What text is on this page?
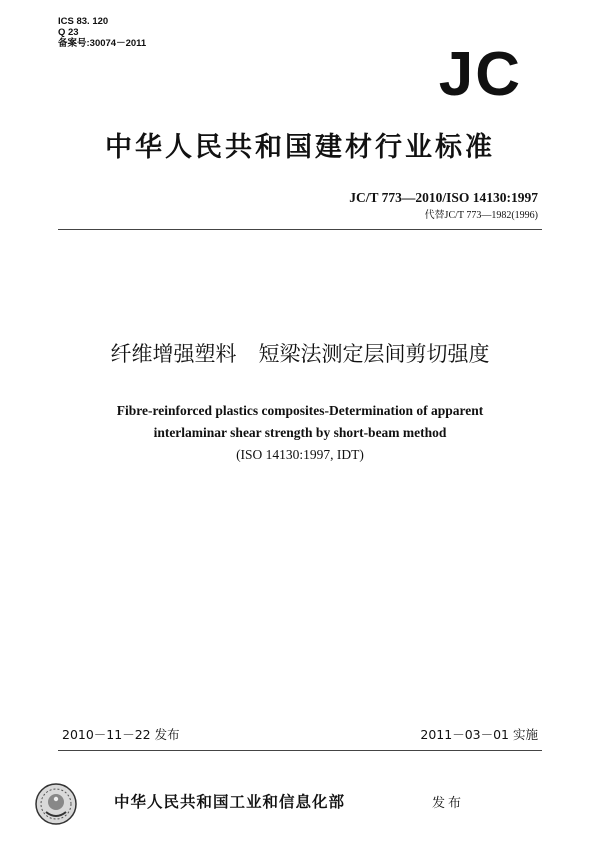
ICS 83. 120
Q 23
备案号:30074－2011	JC
中华人民共和国建材行业标准
JC/T 773—2010/ISO 14130:1997
代替JC/T 773—1982(1996)
纤维增强塑料 短梁法测定层间剪切强度
Fibre-reinforced plastics composites-Determination of apparent
interlaminar shear strength by short-beam method
(ISO 14130:1997, IDT)
2010－11－22 发布	2011－03－01 实施
中华人民共和国工业和信息化部	发布
